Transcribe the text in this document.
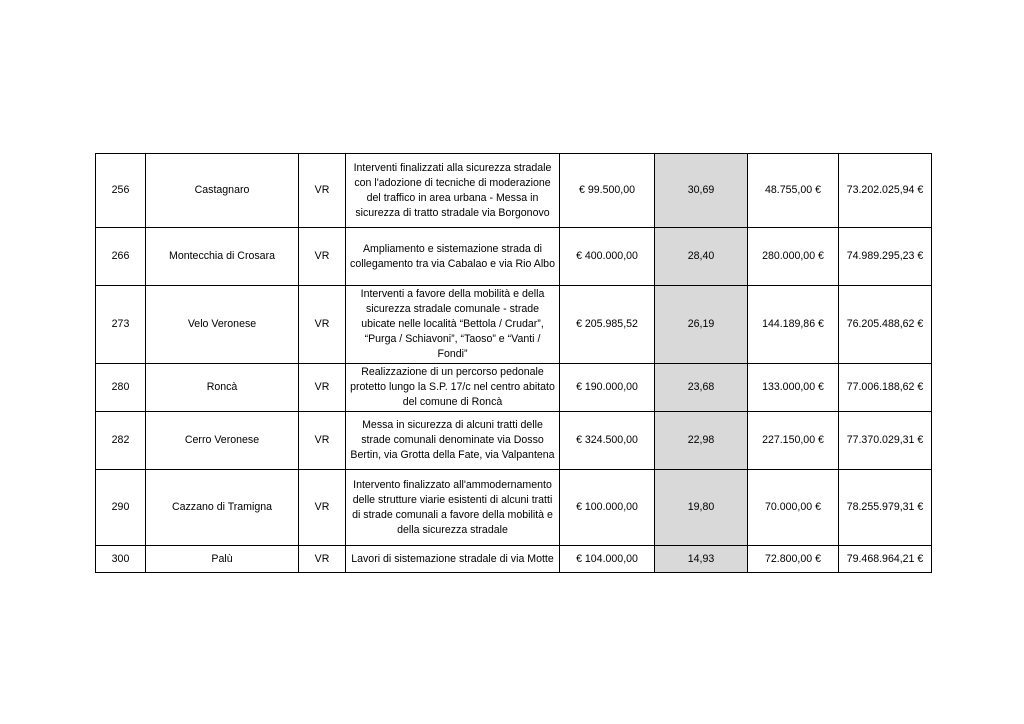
256	Castagnaro	VR	Interventi finalizzati alla sicurezza stradale con l'adozione di tecniche di moderazione del traffico in area urbana - Messa in sicurezza di tratto stradale via Borgonovo	€ 99.500,00	30,69	48.755,00 €	73.202.025,94 €
266	Montecchia di Crosara	VR	Ampliamento e sistemazione strada di collegamento tra via Cabalao e via Rio Albo	€ 400.000,00	28,40	280.000,00 €	74.989.295,23 €
273	Velo Veronese	VR	Interventi a favore della mobilità e della sicurezza stradale comunale - strade ubicate nelle località “Bettola / Crudar”, “Purga / Schiavoni”, “Taoso” e “Vanti / Fondi”	€ 205.985,52	26,19	144.189,86 €	76.205.488,62 €
280	Roncà	VR	Realizzazione di un percorso pedonale protetto lungo la S.P. 17/c nel centro abitato del comune di Roncà	€ 190.000,00	23,68	133.000,00 €	77.006.188,62 €
282	Cerro Veronese	VR	Messa in sicurezza di alcuni tratti delle strade comunali denominate via Dosso Bertin, via Grotta della Fate, via Valpantena	€ 324.500,00	22,98	227.150,00 €	77.370.029,31 €
290	Cazzano di Tramigna	VR	Intervento finalizzato all'ammodernamento delle strutture viarie esistenti di alcuni tratti di strade comunali a favore della mobilità e della sicurezza stradale	€ 100.000,00	19,80	70.000,00 €	78.255.979,31 €
300	Palù	VR	Lavori di sistemazione stradale di via Motte	€ 104.000,00	14,93	72.800,00 €	79.468.964,21 €
